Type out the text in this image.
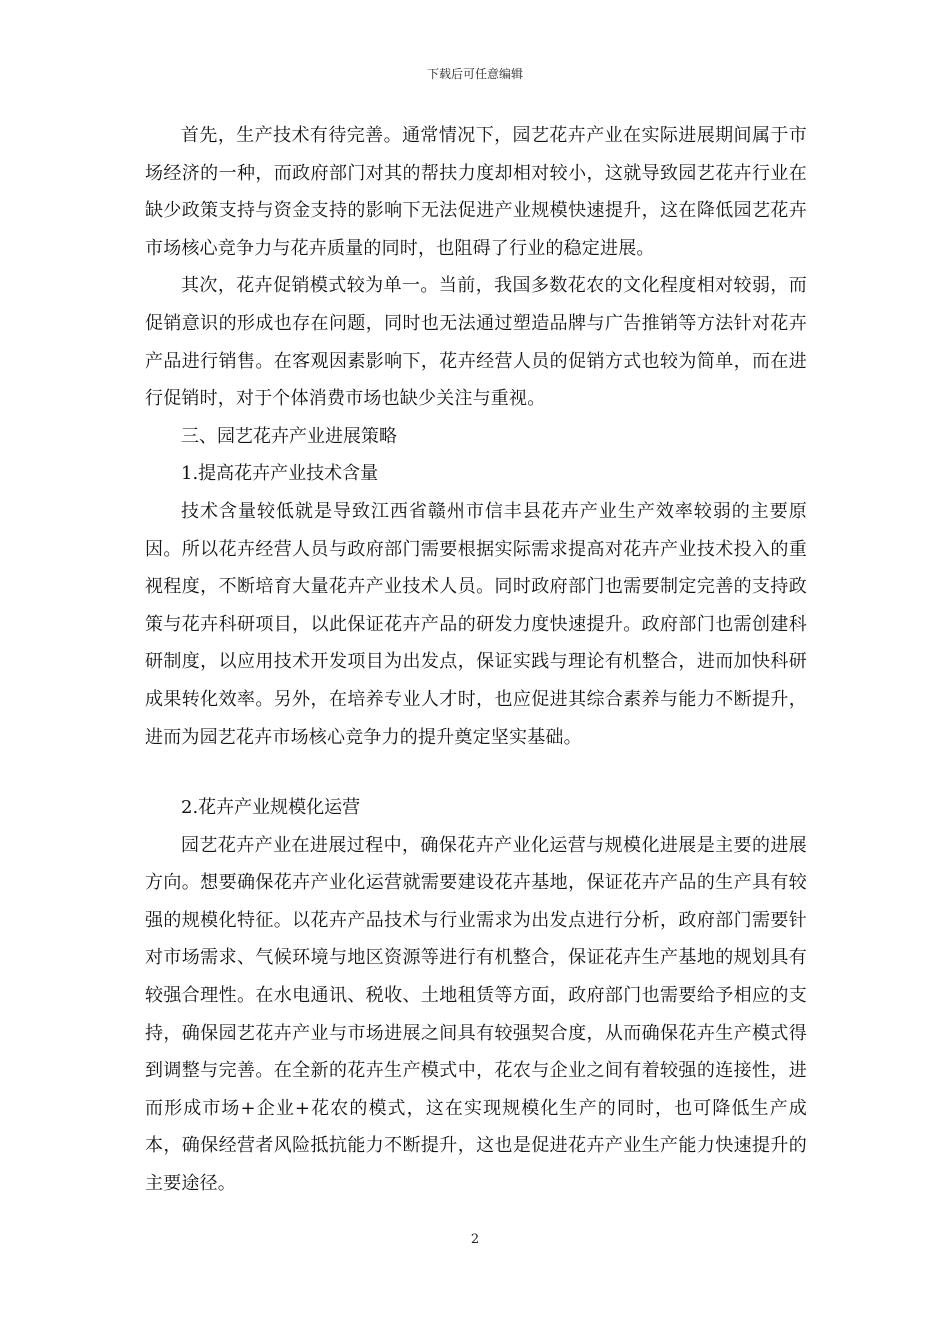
下载后可任意编辑

首先，生产技术有待完善。通常情况下，园艺花卉产业在实际进展期间属于市场经济的一种，而政府部门对其的帮扶力度却相对较小，这就导致园艺花卉行业在缺少政策支持与资金支持的影响下无法促进产业规模快速提升，这在降低园艺花卉市场核心竞争力与花卉质量的同时，也阻碍了行业的稳定进展。

其次，花卉促销模式较为单一。当前，我国多数花农的文化程度相对较弱，而促销意识的形成也存在问题，同时也无法通过塑造品牌与广告推销等方法针对花卉产品进行销售。在客观因素影响下，花卉经营人员的促销方式也较为简单，而在进行促销时，对于个体消费市场也缺少关注与重视。

三、园艺花卉产业进展策略

1.提高花卉产业技术含量

技术含量较低就是导致江西省赣州市信丰县花卉产业生产效率较弱的主要原因。所以花卉经营人员与政府部门需要根据实际需求提高对花卉产业技术投入的重视程度，不断培育大量花卉产业技术人员。同时政府部门也需要制定完善的支持政策与花卉科研项目，以此保证花卉产品的研发力度快速提升。政府部门也需创建科研制度，以应用技术开发项目为出发点，保证实践与理论有机整合，进而加快科研成果转化效率。另外，在培养专业人才时，也应促进其综合素养与能力不断提升，进而为园艺花卉市场核心竞争力的提升奠定坚实基础。

2.花卉产业规模化运营

园艺花卉产业在进展过程中，确保花卉产业化运营与规模化进展是主要的进展方向。想要确保花卉产业化运营就需要建设花卉基地，保证花卉产品的生产具有较强的规模化特征。以花卉产品技术与行业需求为出发点进行分析，政府部门需要针对市场需求、气候环境与地区资源等进行有机整合，保证花卉生产基地的规划具有较强合理性。在水电通讯、税收、土地租赁等方面，政府部门也需要给予相应的支持，确保园艺花卉产业与市场进展之间具有较强契合度，从而确保花卉生产模式得到调整与完善。在全新的花卉生产模式中，花农与企业之间有着较强的连接性，进而形成市场+企业+花农的模式，这在实现规模化生产的同时，也可降低生产成本，确保经营者风险抵抗能力不断提升，这也是促进花卉产业生产能力快速提升的主要途径。

2
